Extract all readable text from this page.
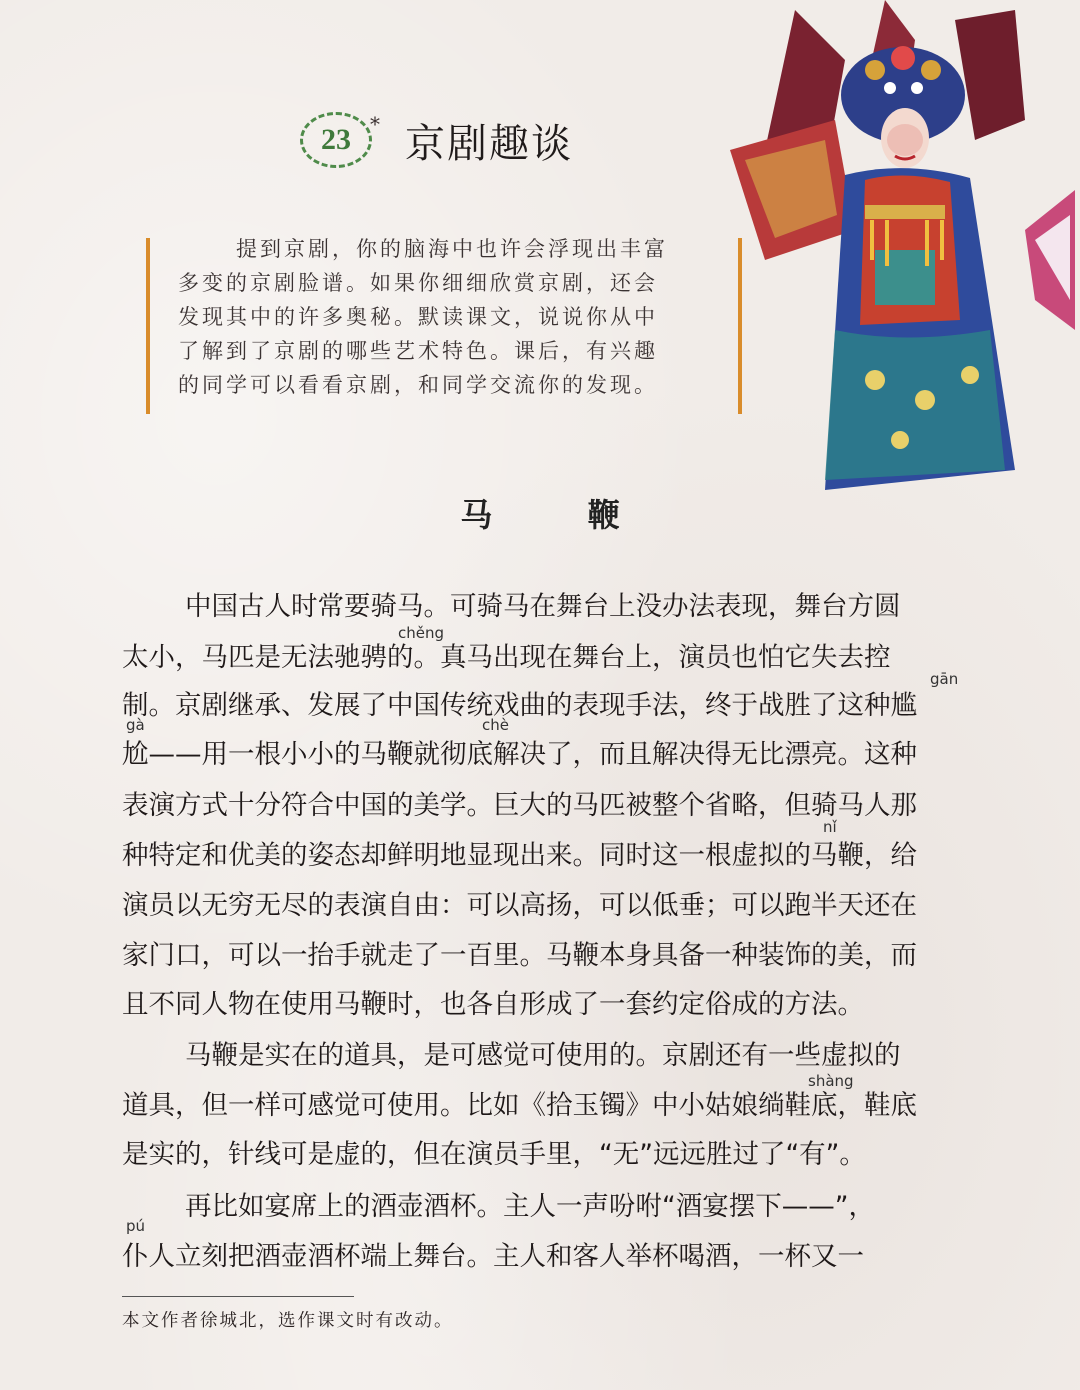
23 * 京剧趣谈

提到京剧，你的脑海中也许会浮现出丰富

多变的京剧脸谱。如果你细细欣赏京剧，还会

发现其中的许多奥秘。默读课文，说说你从中

了解到了京剧的哪些艺术特色。课后，有兴趣

的同学可以看看京剧，和同学交流你的发现。

马 鞭
chěng
gān
gà	chè
nǐ
shàng
pú

中国古人时常要骑马。可骑马在舞台上没办法表现，舞台方圆

太小，马匹是无法驰骋的。真马出现在舞台上，演员也怕它失去控

制。京剧继承、发展了中国传统戏曲的表现手法，终于战胜了这种尴

尬——用一根小小的马鞭就彻底解决了，而且解决得无比漂亮。这种

表演方式十分符合中国的美学。巨大的马匹被整个省略，但骑马人那

种特定和优美的姿态却鲜明地显现出来。同时这一根虚拟的马鞭，给

演员以无穷无尽的表演自由：可以高扬，可以低垂；可以跑半天还在

家门口，可以一抬手就走了一百里。马鞭本身具备一种装饰的美，而

且不同人物在使用马鞭时，也各自形成了一套约定俗成的方法。

马鞭是实在的道具，是可感觉可使用的。京剧还有一些虚拟的

道具，但一样可感觉可使用。比如《拾玉镯》中小姑娘绱鞋底，鞋底

是实的，针线可是虚的，但在演员手里，“无”远远胜过了“有”。

再比如宴席上的酒壶酒杯。主人一声吩咐“酒宴摆下——”，

仆人立刻把酒壶酒杯端上舞台。主人和客人举杯喝酒，一杯又一

本文作者徐城北，选作课文时有改动。
